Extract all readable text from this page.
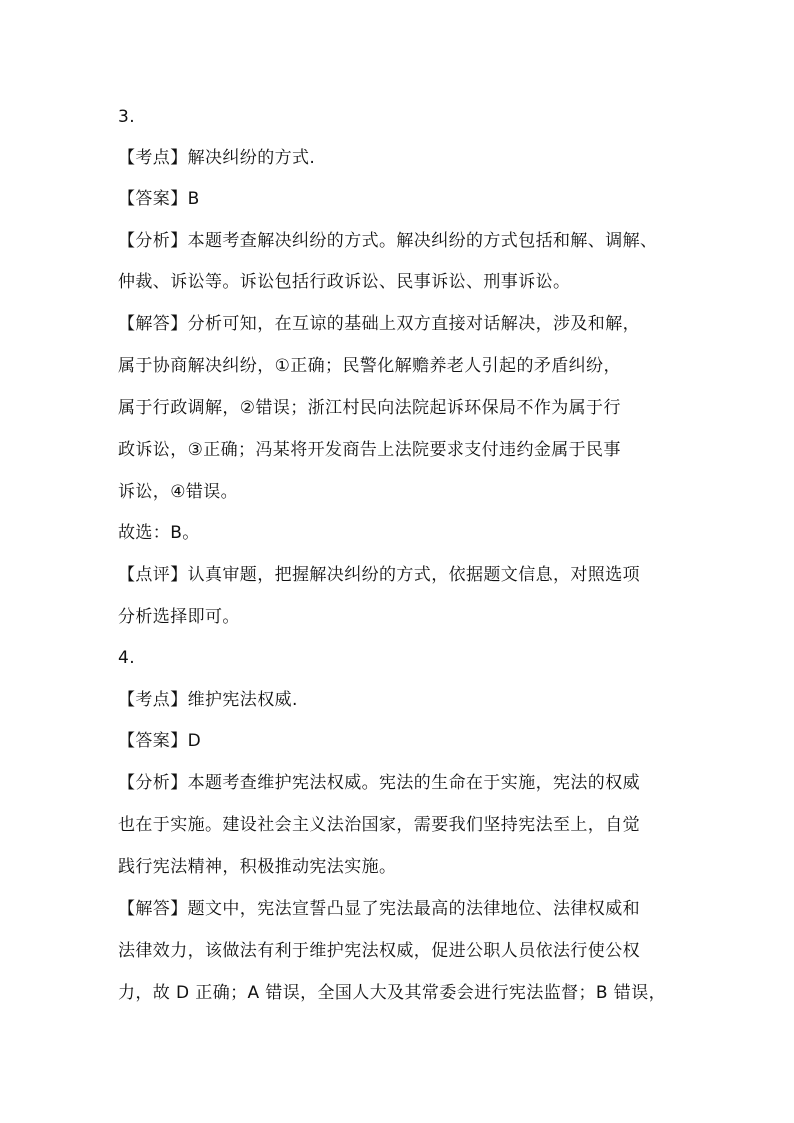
3.
【考点】解决纠纷的方式.
【答案】B
【分析】本题考查解决纠纷的方式。解决纠纷的方式包括和解、调解、
仲裁、诉讼等。诉讼包括行政诉讼、民事诉讼、刑事诉讼。
【解答】分析可知，在互谅的基础上双方直接对话解决，涉及和解，
属于协商解决纠纷，①正确；民警化解赡养老人引起的矛盾纠纷，
属于行政调解，②错误；浙江村民向法院起诉环保局不作为属于行
政诉讼，③正确；冯某将开发商告上法院要求支付违约金属于民事
诉讼，④错误。
故选：B。
【点评】认真审题，把握解决纠纷的方式，依据题文信息，对照选项
分析选择即可。
4.
【考点】维护宪法权威.
【答案】D
【分析】本题考查维护宪法权威。宪法的生命在于实施，宪法的权威
也在于实施。建设社会主义法治国家，需要我们坚持宪法至上，自觉
践行宪法精神，积极推动宪法实施。
【解答】题文中，宪法宣誓凸显了宪法最高的法律地位、法律权威和
法律效力，该做法有利于维护宪法权威，促进公职人员依法行使公权
力，故 D 正确；A 错误，全国人大及其常委会进行宪法监督；B 错误，
